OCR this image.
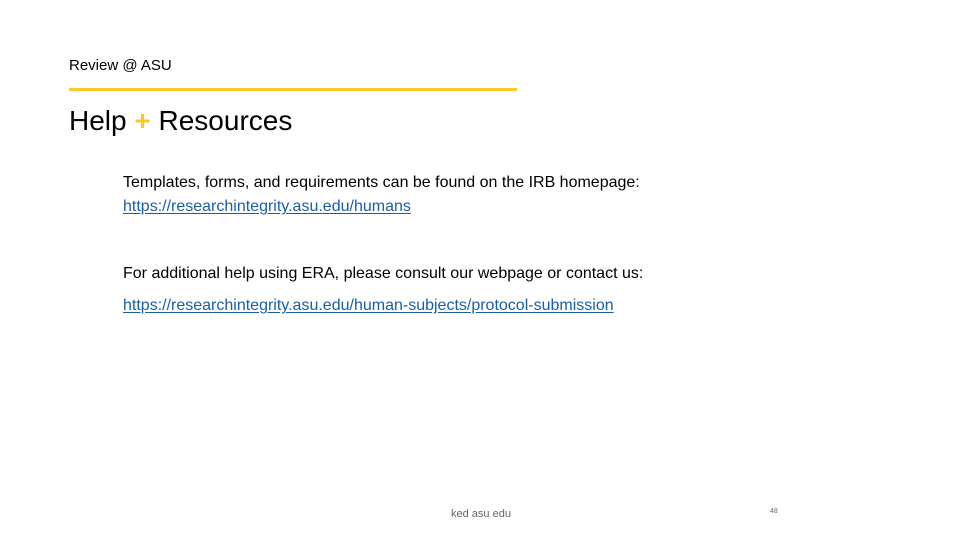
Review @ ASU
Help + Resources
Templates, forms, and requirements can be found on the IRB homepage:
https://researchintegrity.asu.edu/humans
For additional help using ERA, please consult our webpage or contact us:
https://researchintegrity.asu.edu/human-subjects/protocol-submission
ked asu edu	48
